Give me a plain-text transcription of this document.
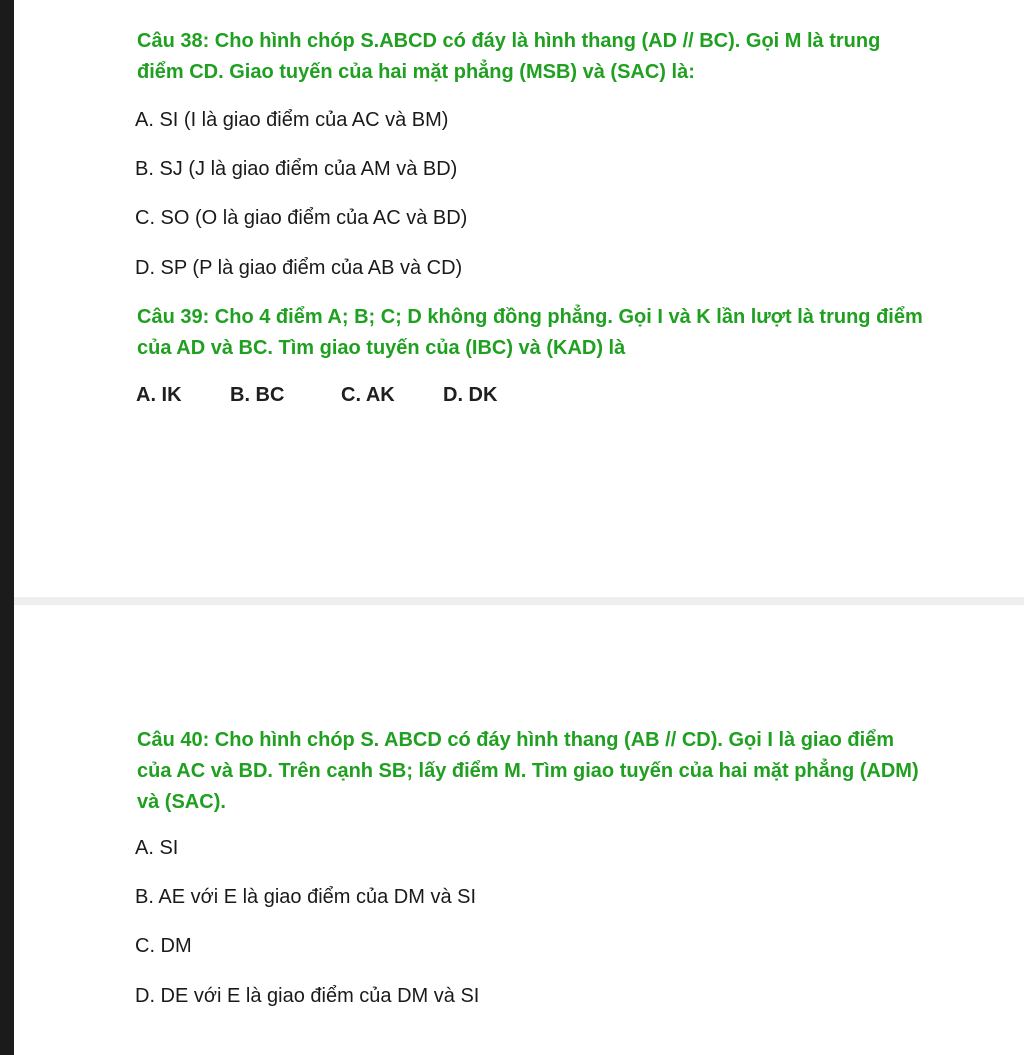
Câu 38: Cho hình chóp S.ABCD có đáy là hình thang (AD // BC). Gọi M là trung điểm CD. Giao tuyến của hai mặt phẳng (MSB) và (SAC) là:
A. SI (I là giao điểm của AC và BM)
B. SJ (J là giao điểm của AM và BD)
C. SO (O là giao điểm của AC và BD)
D. SP (P là giao điểm của AB và CD)
Câu 39: Cho 4 điểm A; B; C; D không đồng phẳng. Gọi I và K lần lượt là trung điểm của AD và BC. Tìm giao tuyến của (IBC) và (KAD) là
A. IK B. BC	C. AK D. DK
Câu 40: Cho hình chóp S. ABCD có đáy hình thang (AB // CD). Gọi I là giao điểm của AC và BD. Trên cạnh SB; lấy điểm M. Tìm giao tuyến của hai mặt phẳng (ADM) và (SAC).
A. SI
B. AE với E là giao điểm của DM và SI
C. DM
D. DE với E là giao điểm của DM và SI
